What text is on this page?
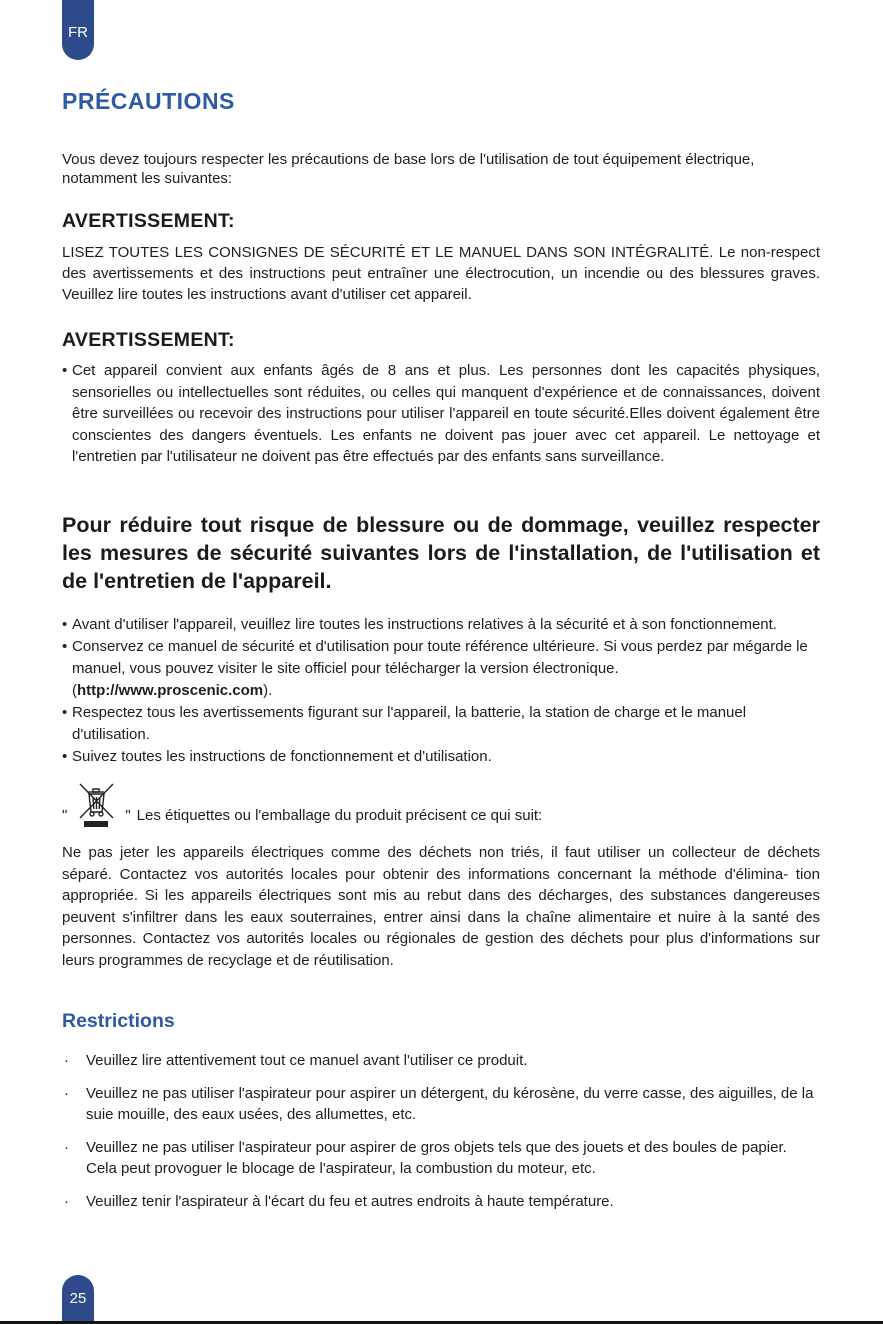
FR
PRÉCAUTIONS

Vous devez toujours respecter les précautions de base lors de l'utilisation de tout équipement électrique, notamment les suivantes:

AVERTISSEMENT:

LISEZ TOUTES LES CONSIGNES DE SÉCURITÉ ET LE MANUEL DANS SON INTÉGRALITÉ. Le non-respect des avertissements et des instructions peut entraîner une électrocution, un incendie ou des blessures graves. Veuillez lire toutes les instructions avant d'utiliser cet appareil.

AVERTISSEMENT:
• Cet appareil convient aux enfants âgés de 8 ans et plus. Les personnes dont les capacités physiques, sensorielles ou intellectuelles sont réduites, ou celles qui manquent d'expérience et de connaissances, doivent être surveillées ou recevoir des instructions pour utiliser l'appareil en toute sécurité.Elles doivent également être conscientes des dangers éventuels. Les enfants ne doivent pas jouer avec cet appareil. Le nettoyage et l'entretien par l'utilisateur ne doivent pas être effectués par des enfants sans surveillance.
Pour réduire tout risque de blessure ou de dommage, veuillez respecter les mesures de sécurité suivantes lors de l'installation, de l'utilisation et de l'entretien de l'appareil.
• Avant d'utiliser l'appareil, veuillez lire toutes les instructions relatives à la sécurité et à son fonctionnement.
• Conservez ce manuel de sécurité et d'utilisation pour toute référence ultérieure. Si vous perdez par mégarde le manuel, vous pouvez visiter le site officiel pour télécharger la version électronique.
(http://www.proscenic.com).
• Respectez tous les avertissements figurant sur l'appareil, la batterie, la station de charge et le manuel d'utilisation.
• Suivez toutes les instructions de fonctionnement et d'utilisation.
"	" Les étiquettes ou l'emballage du produit précisent ce qui suit:

Ne pas jeter les appareils électriques comme des déchets non triés, il faut utiliser un collecteur de déchets séparé. Contactez vos autorités locales pour obtenir des informations concernant la méthode d'élimina- tion appropriée. Si les appareils électriques sont mis au rebut dans des décharges, des substances dangereuses peuvent s'infiltrer dans les eaux souterraines, entrer ainsi dans la chaîne alimentaire et nuire à la santé des personnes. Contactez vos autorités locales ou régionales de gestion des déchets pour plus d'informations sur leurs programmes de recyclage et de réutilisation.

Restrictions
·	Veuillez lire attentivement tout ce manuel avant l'utiliser ce produit.
·	Veuillez ne pas utiliser l'aspirateur pour aspirer un détergent, du kérosène, du verre casse, des aiguilles, de la suie mouille, des eaux usées, des allumettes, etc.
·	Veuillez ne pas utiliser l'aspirateur pour aspirer de gros objets tels que des jouets et des boules de papier. Cela peut provoguer le blocage de l'aspirateur, la combustion du moteur, etc.
·	Veuillez tenir l'aspirateur à l'écart du feu et autres endroits à haute température.
25
